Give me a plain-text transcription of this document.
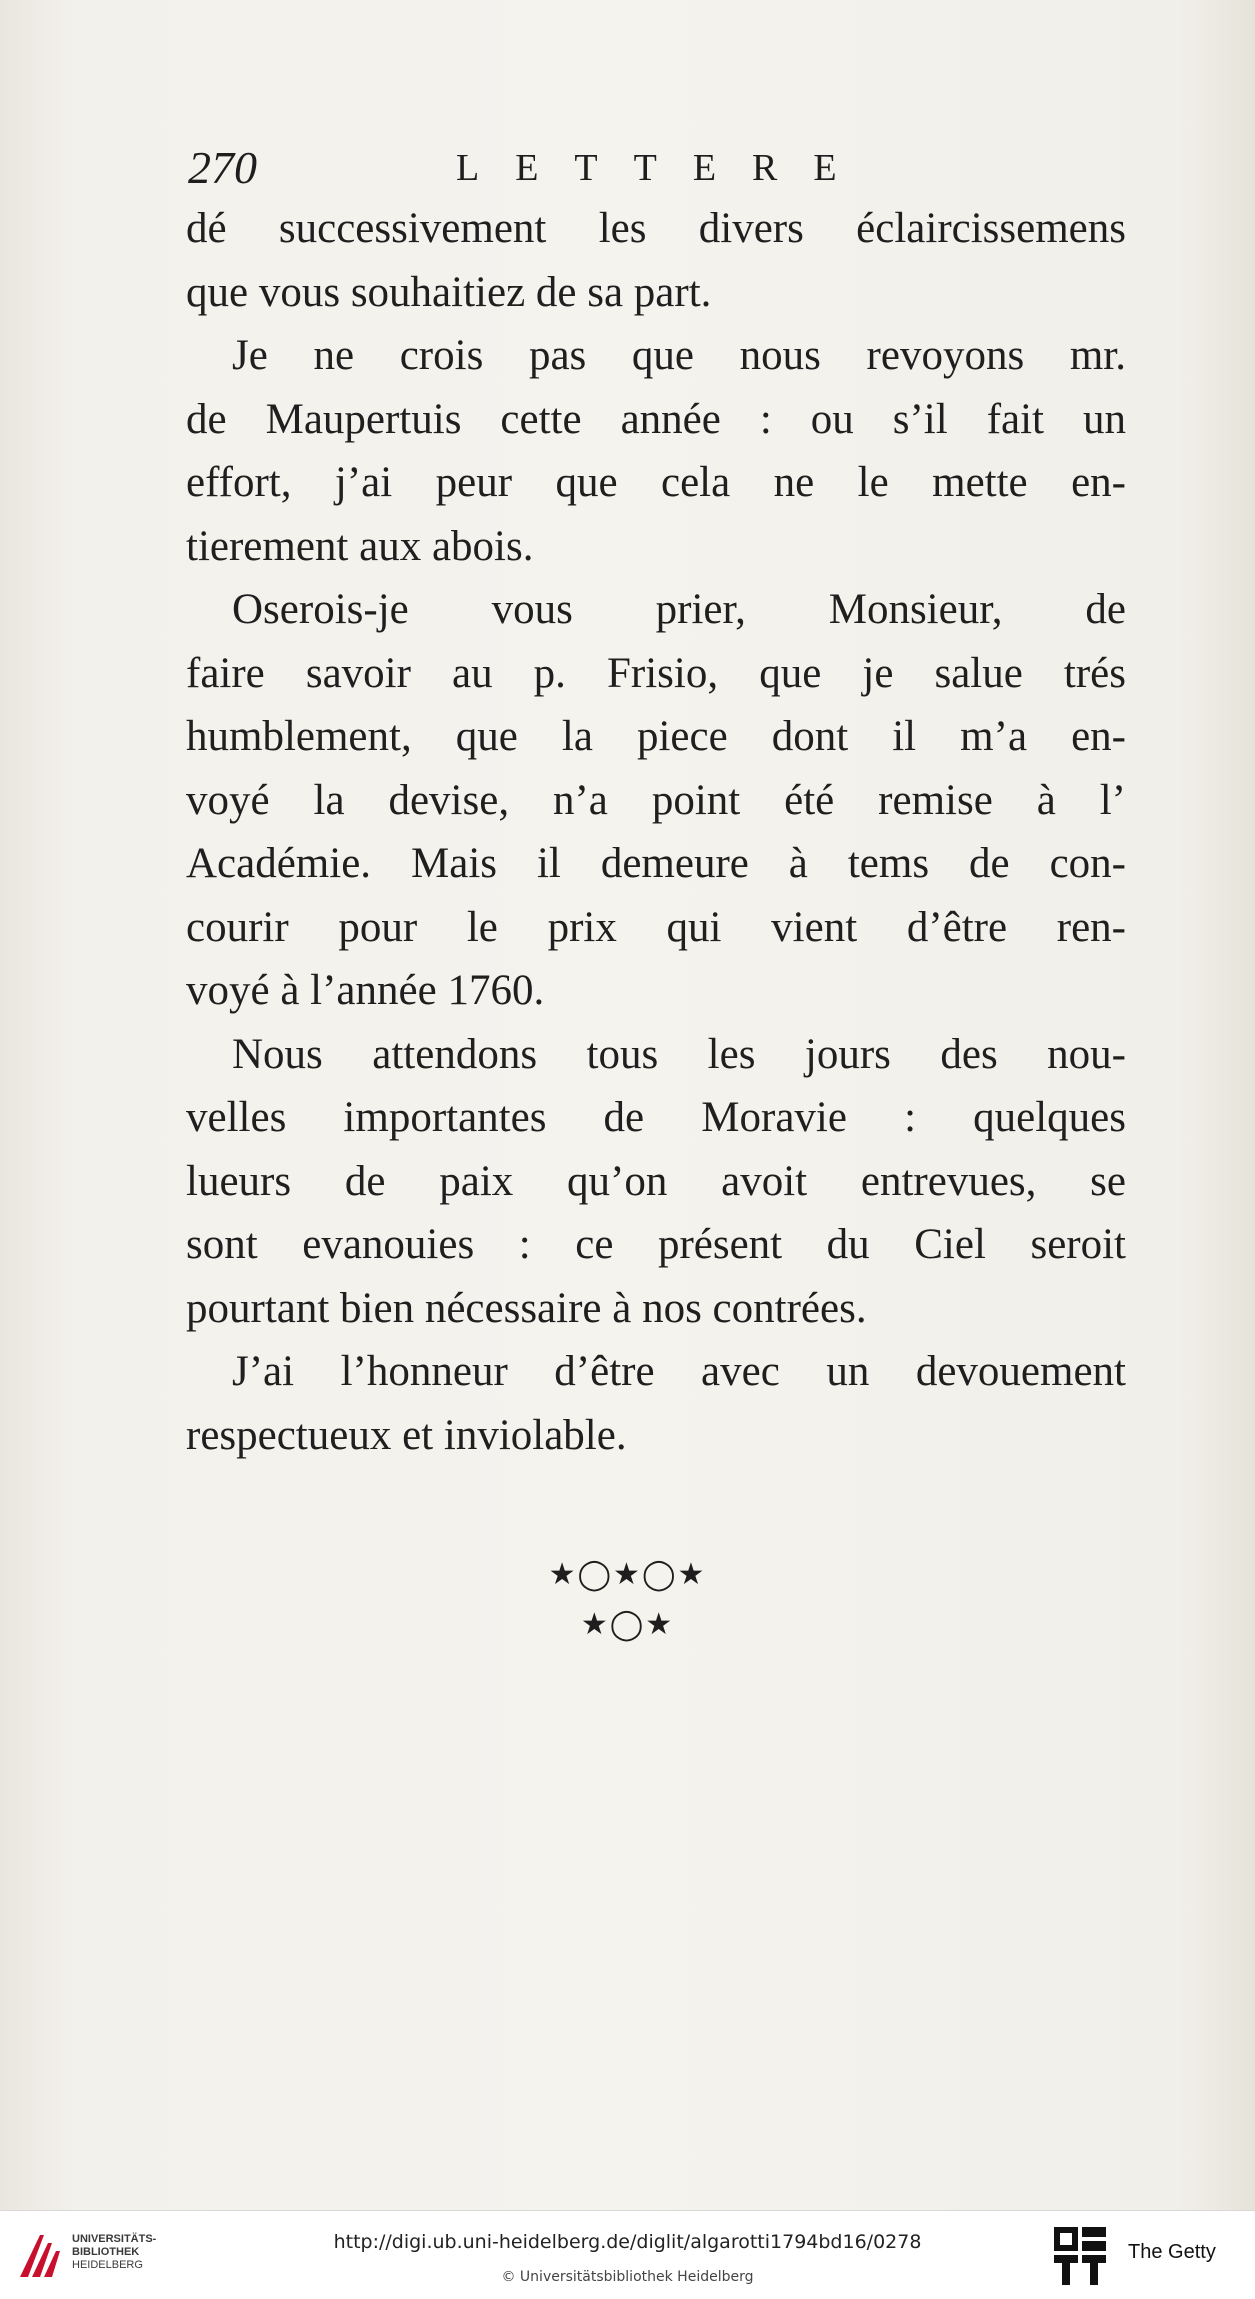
270	LETTERE
dé successivement les divers éclaircissemens
que vous souhaitiez de sa part.
Je ne crois pas que nous revoyons mr.
de Maupertuis cette année : ou s’il fait un
effort, j’ai peur que cela ne le mette en-
tierement aux abois.
Oserois-je vous prier, Monsieur, de
faire savoir au p. Frisio, que je salue trés
humblement, que la piece dont il m’a en-
voyé la devise, n’a point été remise à l’
Académie. Mais il demeure à tems de con-
courir pour le prix qui vient d’être ren-
voyé à l’année 1760.
Nous attendons tous les jours des nou-
velles importantes de Moravie : quelques
lueurs de paix qu’on avoit entrevues, se
sont evanouies : ce présent du Ciel seroit
pourtant bien nécessaire à nos contrées.
J’ai l’honneur d’être avec un devouement
respectueux et inviolable.
★◯★◯★
★◯★
UNIVERSITÄTS-
BIBLIOTHEK
HEIDELBERG
http://digi.ub.uni-heidelberg.de/diglit/algarotti1794bd16/0278
© Universitätsbibliothek Heidelberg
The Getty
